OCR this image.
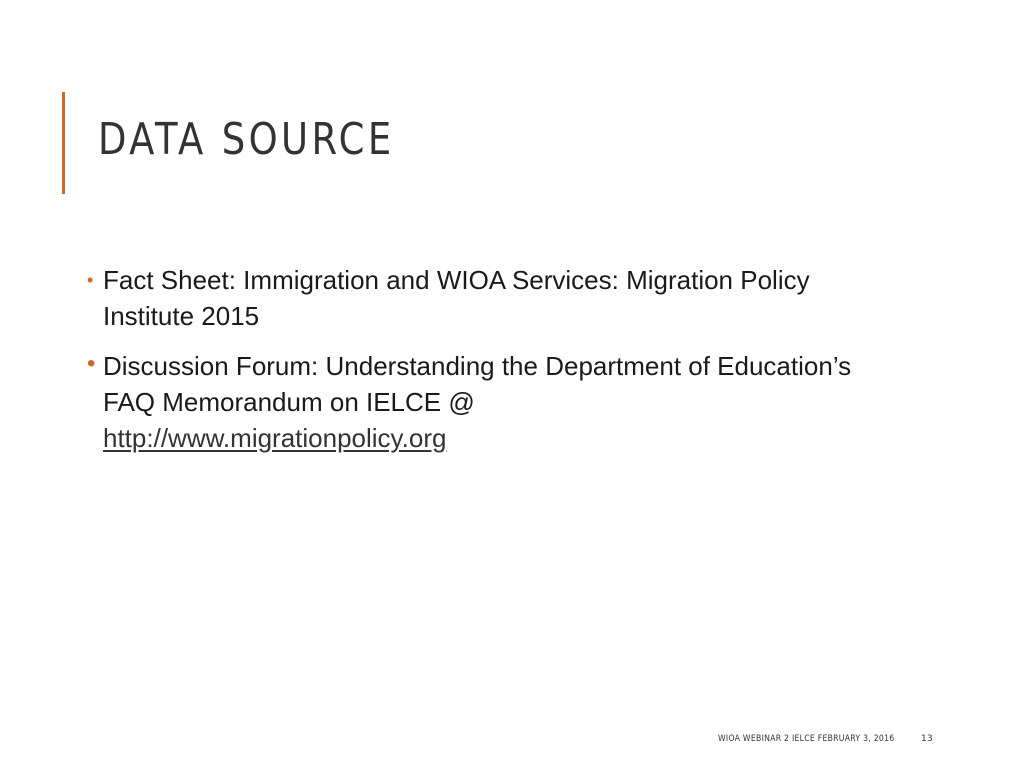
DATA SOURCE
• Fact Sheet: Immigration and WIOA Services: Migration Policy Institute 2015
• Discussion Forum: Understanding the Department of Education’s FAQ Memorandum on IELCE @
http://www.migrationpolicy.org
WIOA WEBINAR 2 IELCE FEBRUARY 3, 2016	13
